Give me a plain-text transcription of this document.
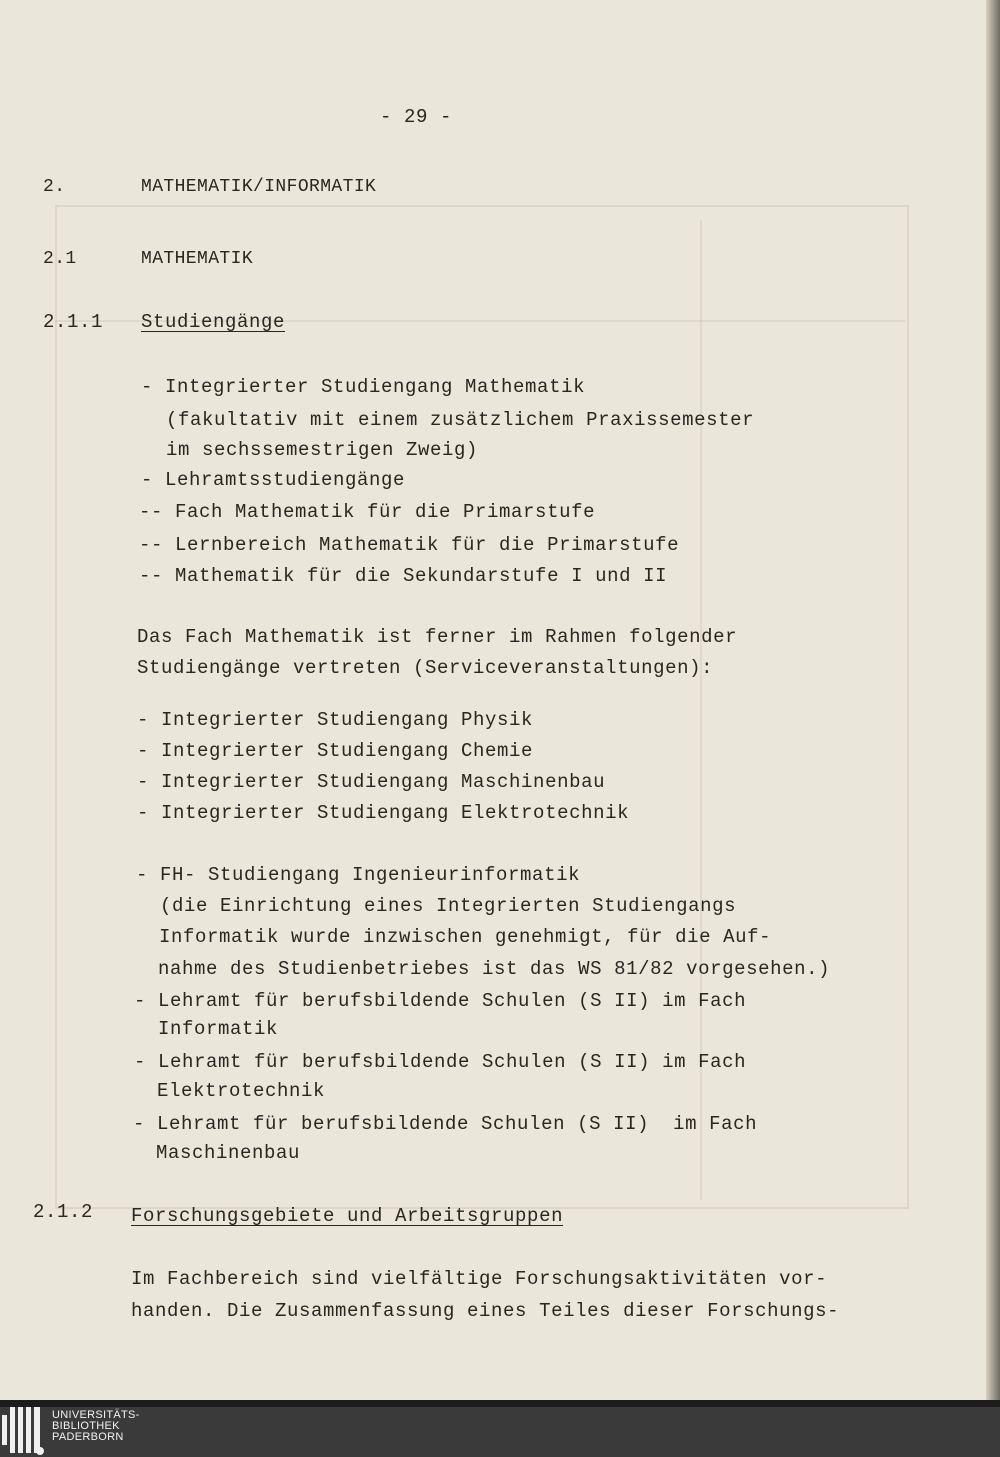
- 29 -
2.	MATHEMATIK/INFORMATIK
2.1	MATHEMATIK
2.1.1 Studiengänge
- Integrierter Studiengang Mathematik
(fakultativ mit einem zusätzlichem Praxissemester
im sechssemestrigen Zweig)
- Lehramtsstudiengänge
-- Fach Mathematik für die Primarstufe
-- Lernbereich Mathematik für die Primarstufe
-- Mathematik für die Sekundarstufe I und II
Das Fach Mathematik ist ferner im Rahmen folgender
Studiengänge vertreten (Serviceveranstaltungen):
- Integrierter Studiengang Physik
- Integrierter Studiengang Chemie
- Integrierter Studiengang Maschinenbau
- Integrierter Studiengang Elektrotechnik
- FH- Studiengang Ingenieurinformatik
(die Einrichtung eines Integrierten Studiengangs
Informatik wurde inzwischen genehmigt, für die Auf-
nahme des Studienbetriebes ist das WS 81/82 vorgesehen.)
- Lehramt für berufsbildende Schulen (S II) im Fach
Informatik
- Lehramt für berufsbildende Schulen (S II) im Fach
Elektrotechnik
- Lehramt für berufsbildende Schulen (S II)  im Fach
Maschinenbau
2.1.2 Forschungsgebiete und Arbeitsgruppen
Im Fachbereich sind vielfältige Forschungsaktivitäten vor-
handen. Die Zusammenfassung eines Teiles dieser Forschungs-
UNIVERSITÄTS-
BIBLIOTHEK
PADERBORN
